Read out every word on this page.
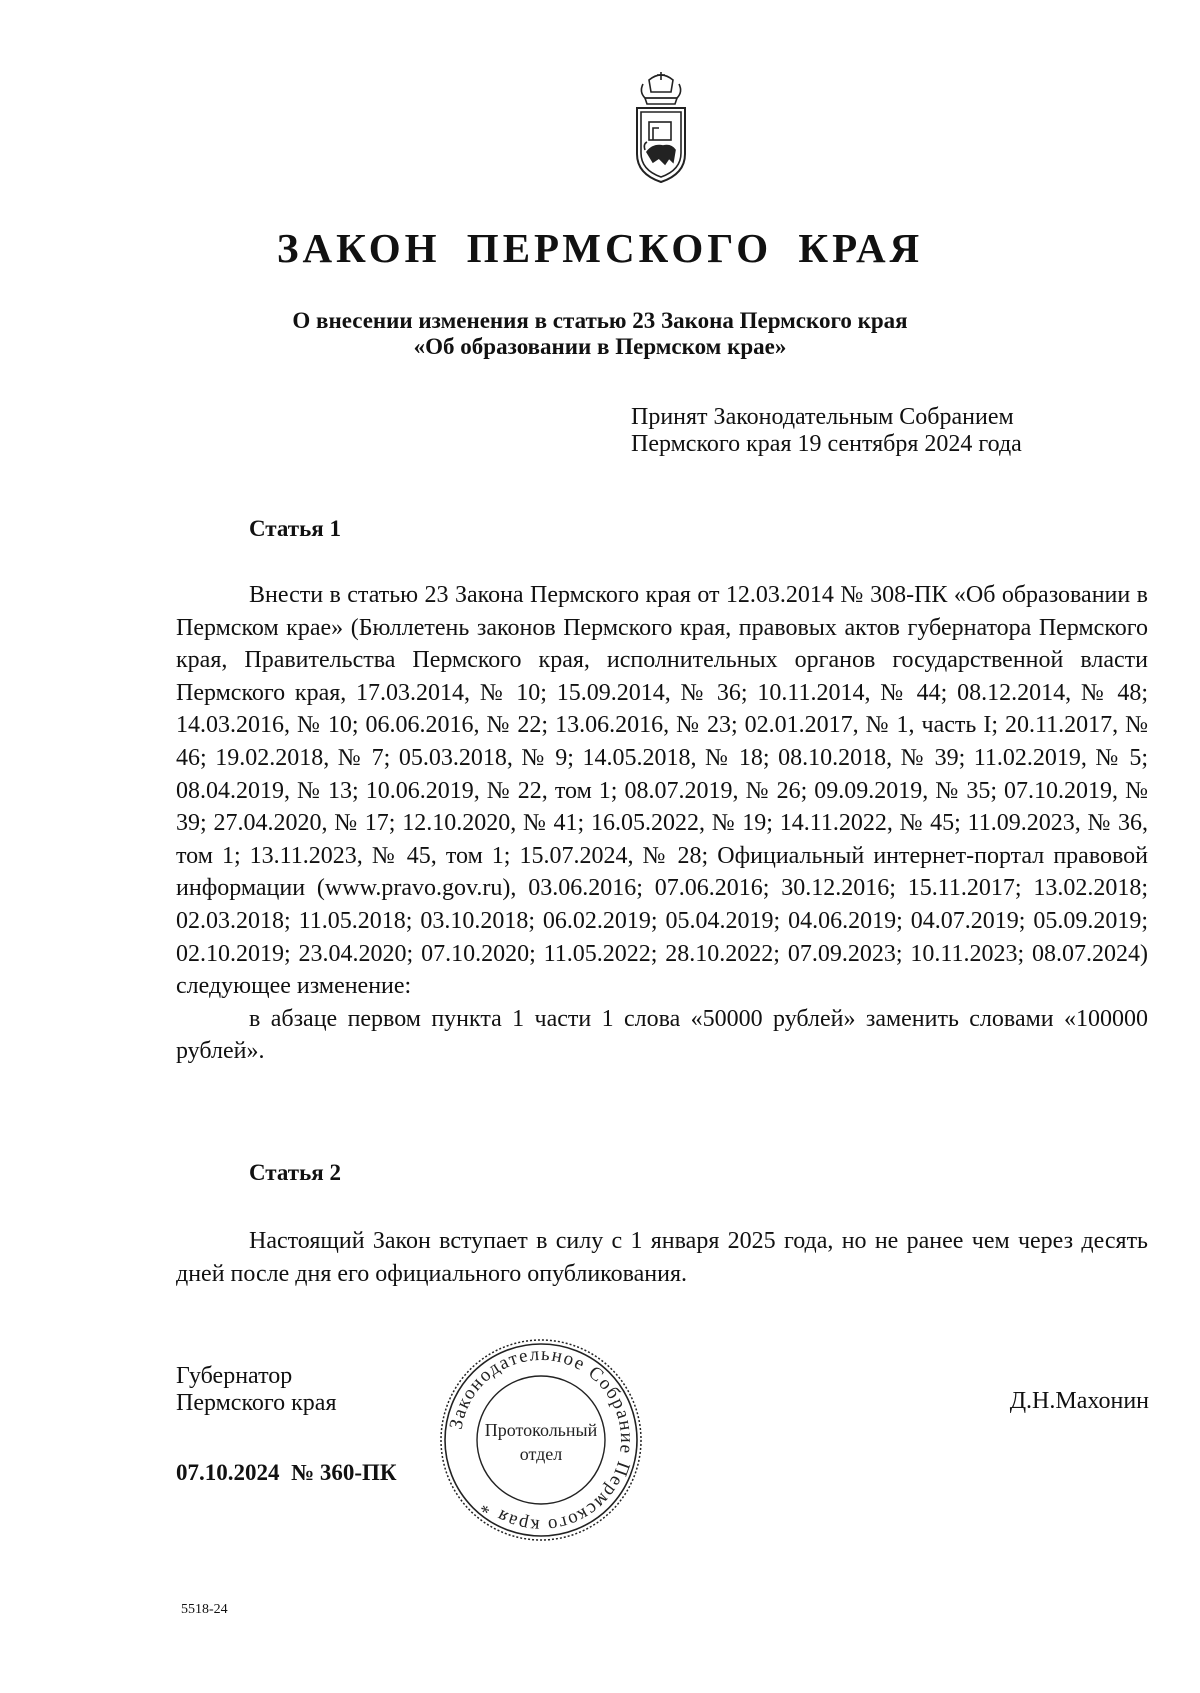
ЗАКОН ПЕРМСКОГО КРАЯ
О внесении изменения в статью 23 Закона Пермского края
«Об образовании в Пермском крае»
Принят Законодательным Собранием
Пермского края 19 сентября 2024 года
Статья 1

Внести в статью 23 Закона Пермского края от 12.03.2014 № 308-ПК «Об образовании в Пермском крае» (Бюллетень законов Пермского края, правовых актов губернатора Пермского края, Правительства Пермского края, исполнительных органов государственной власти Пермского края, 17.03.2014, № 10; 15.09.2014, № 36; 10.11.2014, № 44; 08.12.2014, № 48; 14.03.2016, № 10; 06.06.2016, № 22; 13.06.2016, № 23; 02.01.2017, № 1, часть I; 20.11.2017, № 46; 19.02.2018, № 7; 05.03.2018, № 9; 14.05.2018, № 18; 08.10.2018, № 39; 11.02.2019, № 5; 08.04.2019, № 13; 10.06.2019, № 22, том 1; 08.07.2019, № 26; 09.09.2019, № 35; 07.10.2019, № 39; 27.04.2020, № 17; 12.10.2020, № 41; 16.05.2022, № 19; 14.11.2022, № 45; 11.09.2023, № 36, том 1; 13.11.2023, № 45, том 1; 15.07.2024, № 28; Официальный интернет-портал правовой информации (www.pravo.gov.ru), 03.06.2016; 07.06.2016; 30.12.2016; 15.11.2017; 13.02.2018; 02.03.2018; 11.05.2018; 03.10.2018; 06.02.2019; 05.04.2019; 04.06.2019; 04.07.2019; 05.09.2019; 02.10.2019; 23.04.2020; 07.10.2020; 11.05.2022; 28.10.2022; 07.09.2023; 10.11.2023; 08.07.2024) следующее изменение:

в абзаце первом пункта 1 части 1 слова «50000 рублей» заменить словами «100000 рублей».

Статья 2

Настоящий Закон вступает в силу с 1 января 2025 года, но не ранее чем через десять дней после дня его официального опубликования.

Губернатор
Пермского края	Д.Н.Махонин
07.10.2024 № 360-ПК
Законодательное Собрание Пермского края *
Протокольный
отдел
5518-24
